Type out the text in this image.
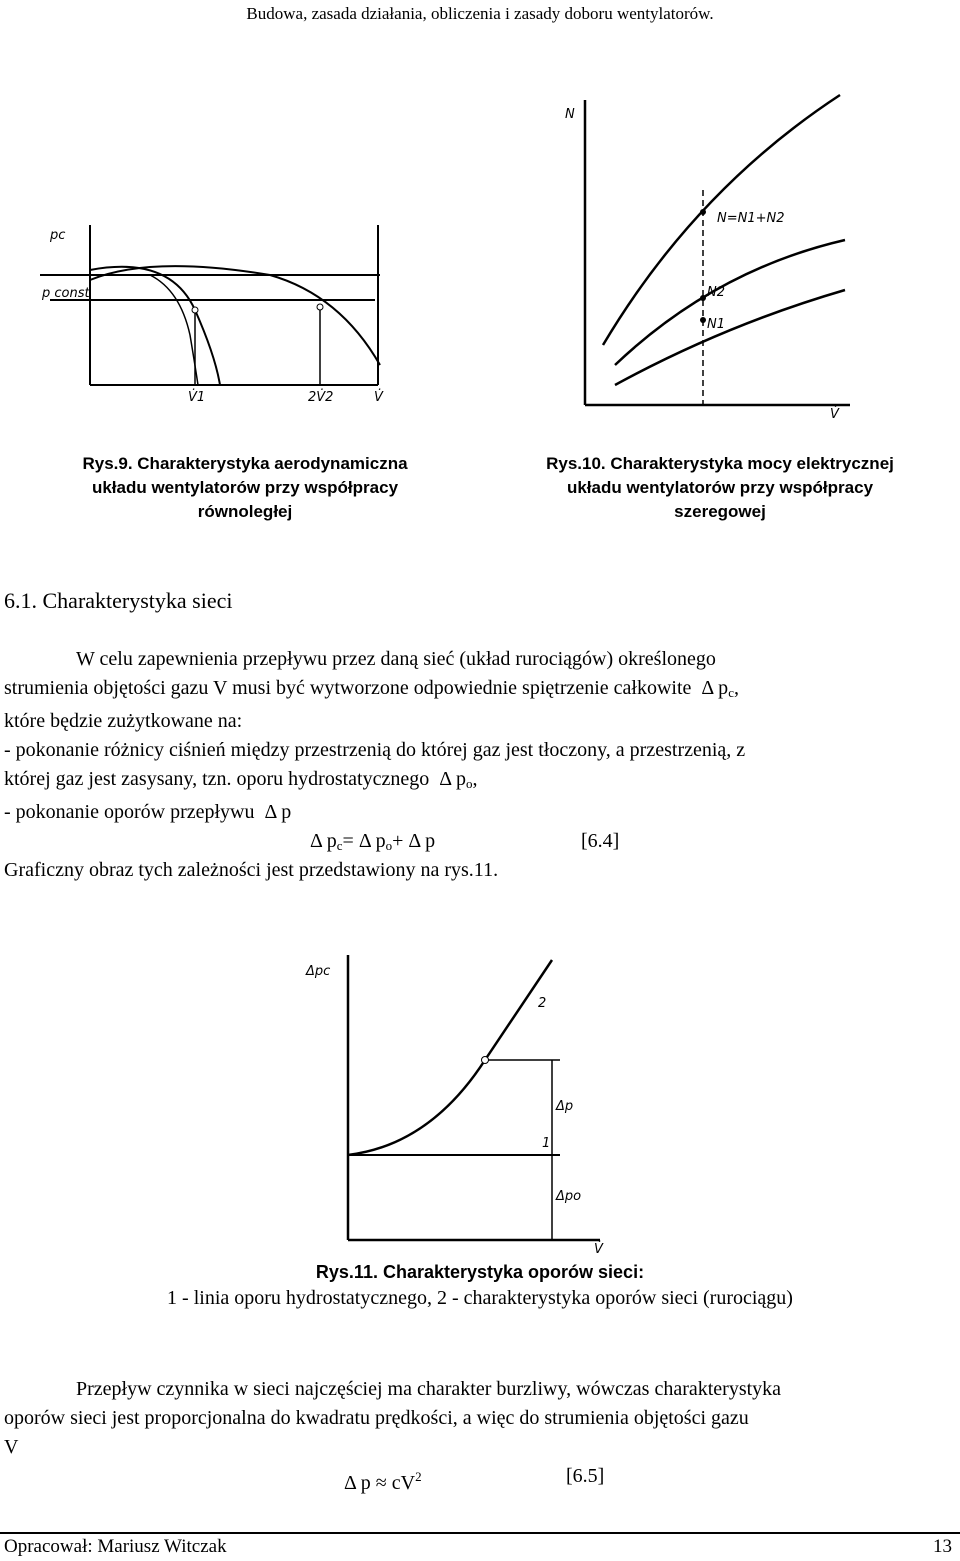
Budowa, zasada działania, obliczenia i zasady doboru wentylatorów.
pc
p const
V̇1	2V̇2	V̇
Rys.9. Charakterystyka aerodynamiczna
układu wentylatorów przy współpracy
równoległej
N
N=N1+N2
N2
N1
V̇
Rys.10. Charakterystyka mocy elektrycznej
układu wentylatorów przy współpracy
szeregowej
6.1. Charakterystyka sieci
W celu zapewnienia przepływu przez daną sieć (układ rurociągów) określonego
strumienia objętości gazu V musi być wytworzone odpowiednie spiętrzenie całkowite  Δ $p_c$,
które będzie zużytkowane na:
- pokonanie różnicy ciśnień między przestrzenią do której gaz jest tłoczony, a przestrzenią, z
której gaz jest zasysany, tzn. oporu hydrostatycznego  Δ $p_o$,
- pokonanie oporów przepływu  Δ p
Δ $p_c= \Delta$ $p_o+ \Delta$ p	[6.4]
Graficzny obraz tych zależności jest przedstawiony na rys.11.
Δpc
2
Δp
1
Δpo
V̇
Rys.11. Charakterystyka oporów sieci:
1 - linia oporu hydrostatycznego, 2 - charakterystyka oporów sieci (rurociągu)
Przepływ czynnika w sieci najczęściej ma charakter burzliwy, wówczas charakterystyka
oporów sieci jest proporcjonalna do kwadratu prędkości, a więc do strumienia objętości gazu
V
Δ $p \approx cV^2$	[6.5]
Opracował: Mariusz Witczak	13
